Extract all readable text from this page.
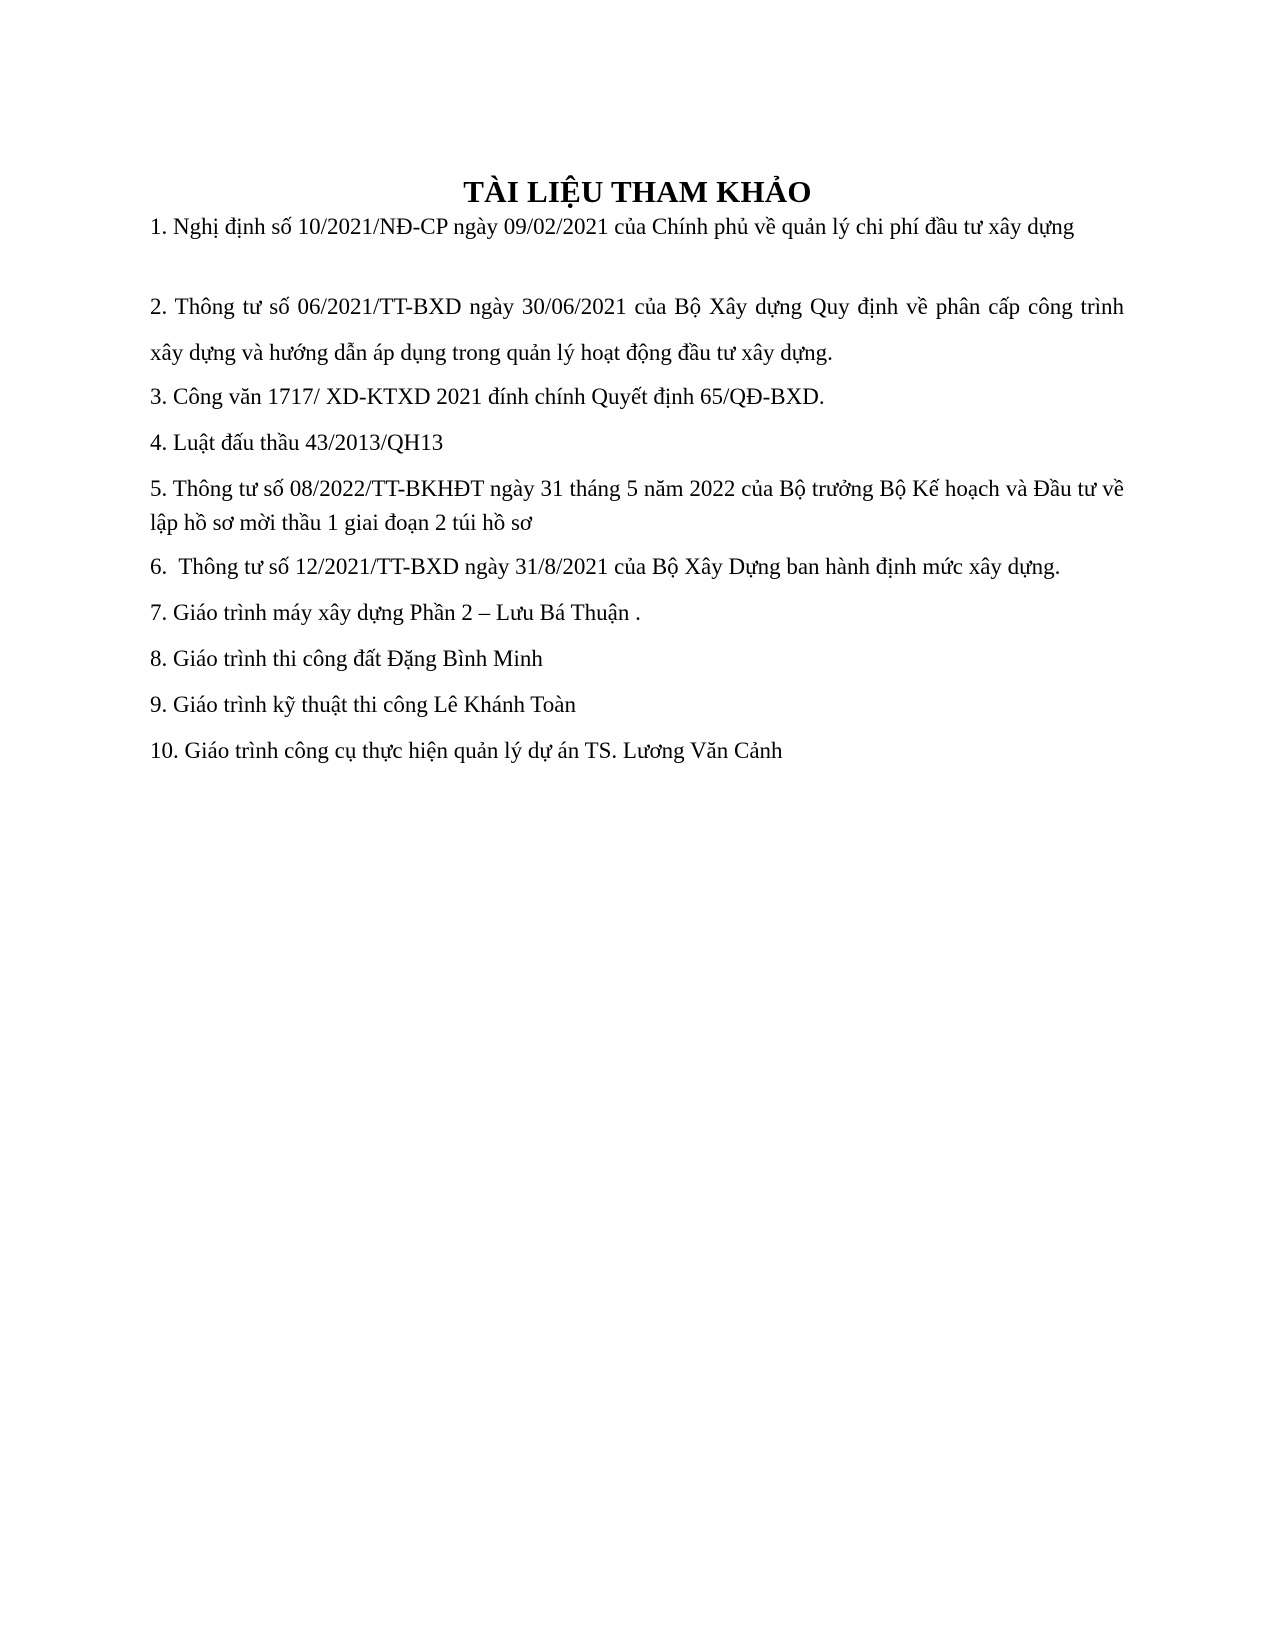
TÀI LIỆU THAM KHẢO
1. Nghị định số 10/2021/NĐ-CP ngày 09/02/2021 của Chính phủ về quản lý chi phí đầu tư xây dựng
2. Thông tư số 06/2021/TT-BXD ngày 30/06/2021 của Bộ Xây dựng Quy định về phân cấp công trình xây dựng và hướng dẫn áp dụng trong quản lý hoạt động đầu tư xây dựng.
3. Công văn 1717/ XD-KTXD 2021 đính chính Quyết định 65/QĐ-BXD.
4. Luật đấu thầu 43/2013/QH13
5. Thông tư số 08/2022/TT-BKHĐT ngày 31 tháng 5 năm 2022 của Bộ trưởng Bộ Kế hoạch và Đầu tư về lập hồ sơ mời thầu 1 giai đoạn 2 túi hồ sơ
6.  Thông tư số 12/2021/TT-BXD ngày 31/8/2021 của Bộ Xây Dựng ban hành định mức xây dựng.
7. Giáo trình máy xây dựng Phần 2 – Lưu Bá Thuận .
8. Giáo trình thi công đất Đặng Bình Minh
9. Giáo trình kỹ thuật thi công Lê Khánh Toàn
10. Giáo trình công cụ thực hiện quản lý dự án TS. Lương Văn Cảnh
